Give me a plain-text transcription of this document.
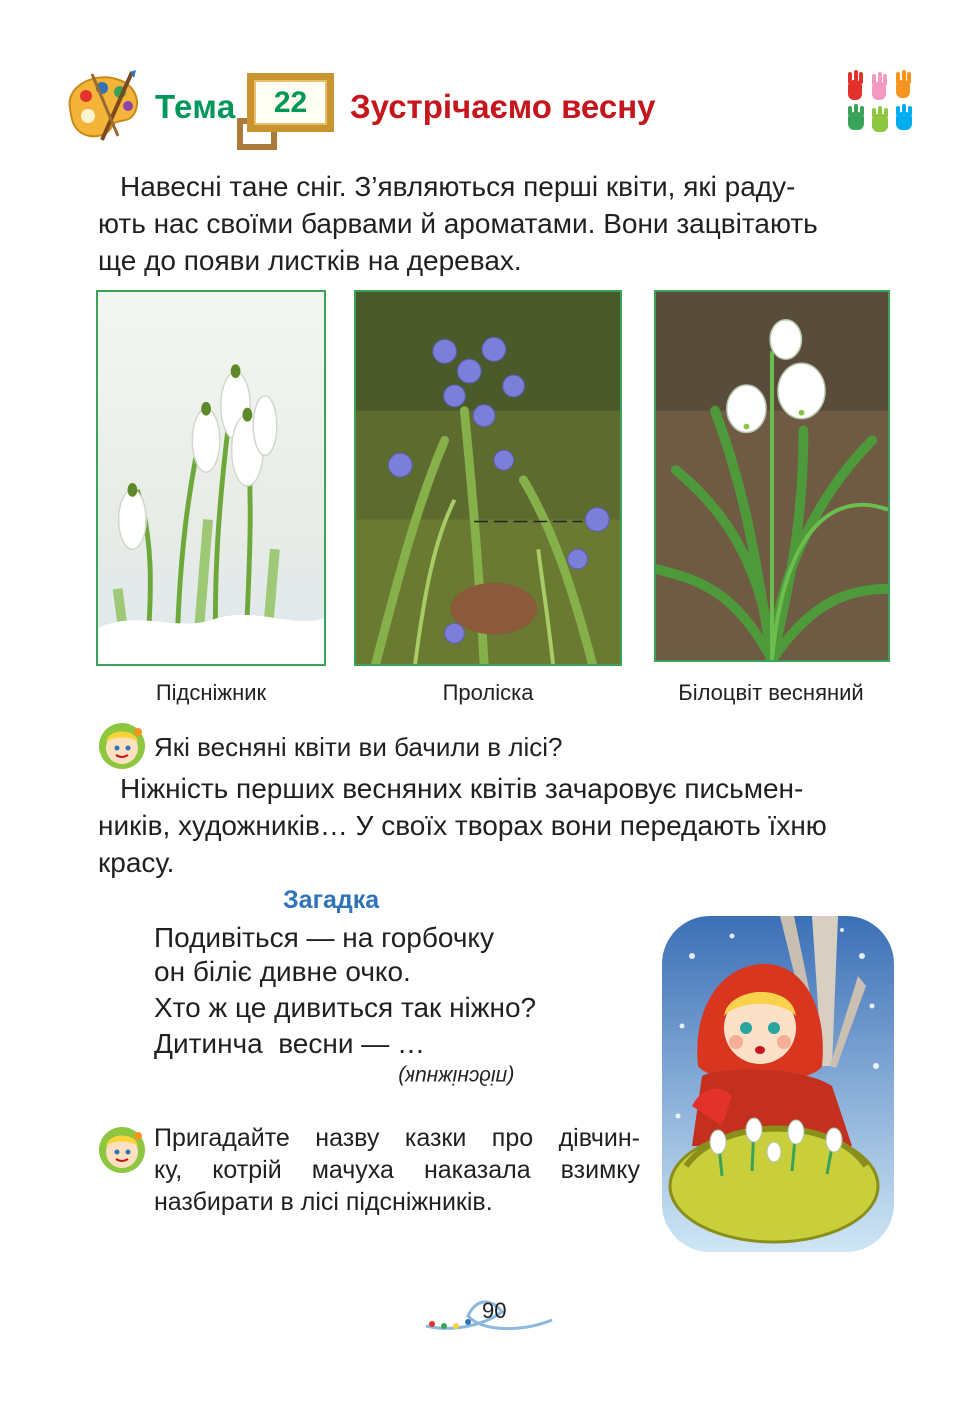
Тема	22	Зустрічаємо весну
Навесні тане сніг. З’являються перші квіти, які раду-
ють нас своїми барвами й ароматами. Вони зацвітають
ще до появи листків на деревах.
Підсніжник	Проліска	Білоцвіт весняний
Які весняні квіти ви бачили в лісі?
Ніжність перших весняних квітів зачаровує письмен-
ників, художників… У своїх творах вони передають їхню
красу.
Загадка
Подивіться — на горбочку
он біліє дивне очко.
Хто ж це дивиться так ніжно?
Дитинча  весни — …
(підсніжник)
Пригадайте назву казки про дівчин-
ку, котрій мачуха наказала взимку
назбирати в лісі підсніжників.
90
